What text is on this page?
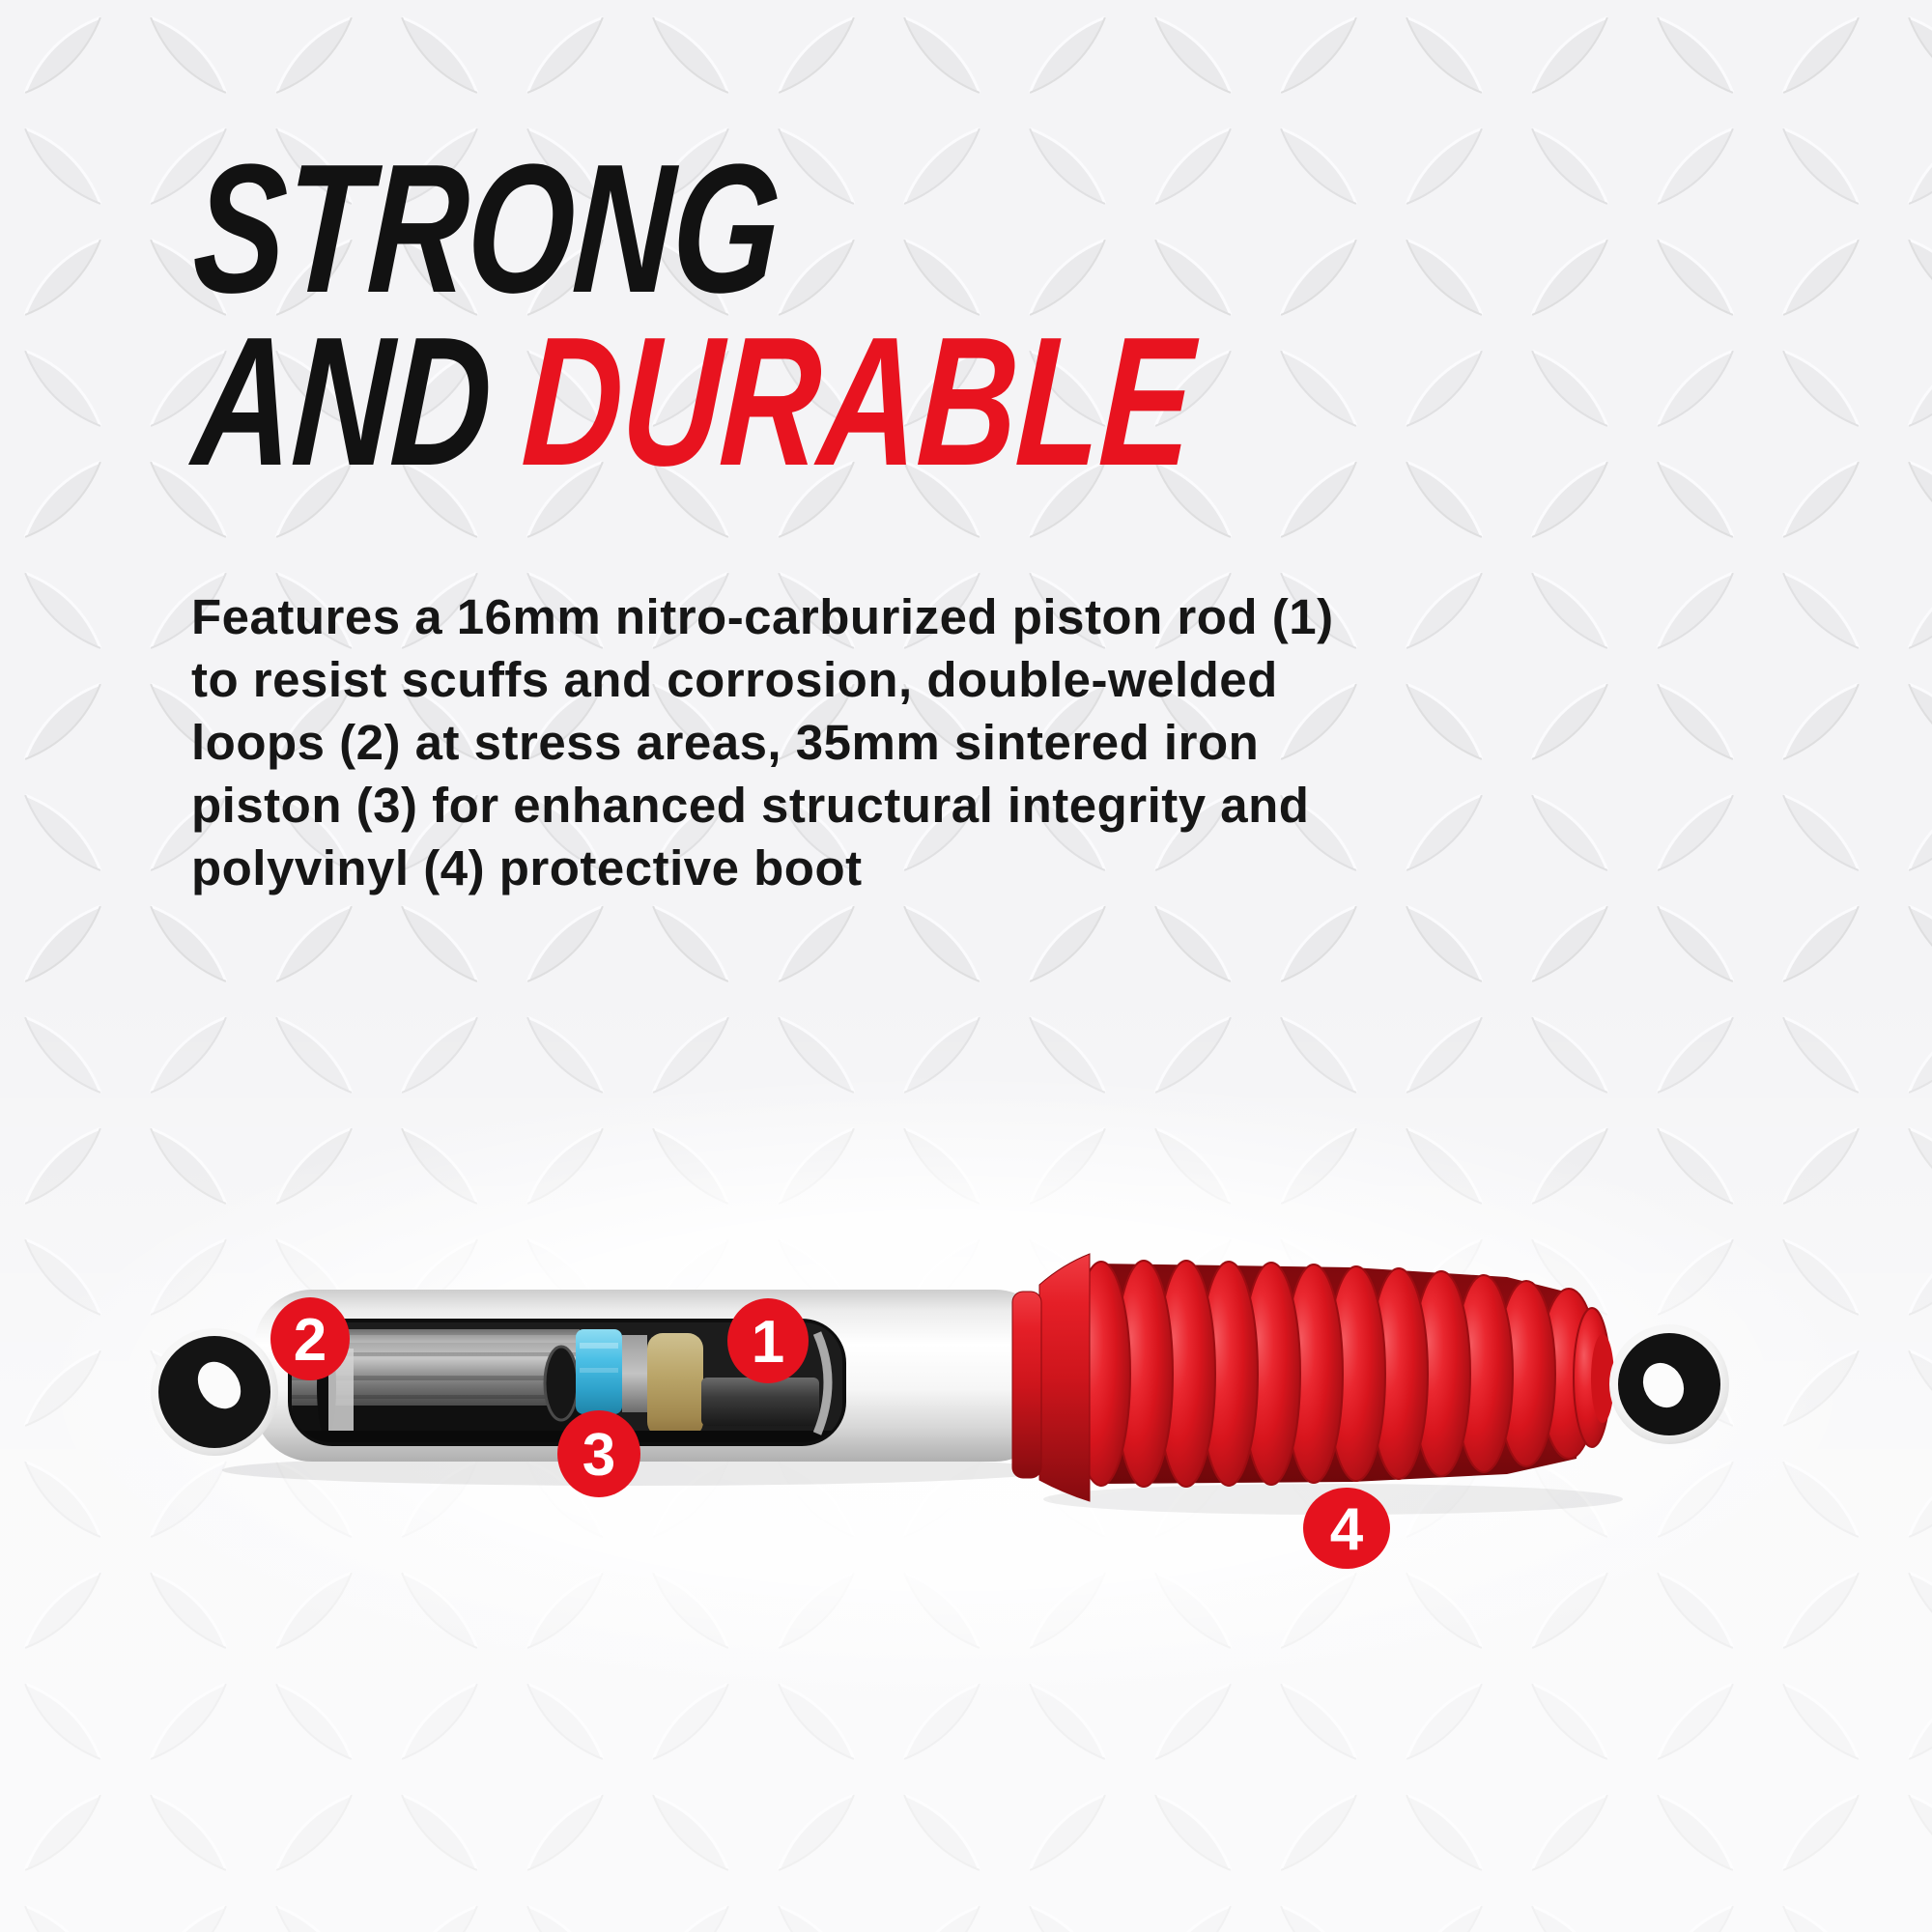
STRONG
AND DURABLE
Features a 16mm nitro-carburized piston rod (1)
to resist scuffs and corrosion, double-welded
loops (2) at stress areas, 35mm sintered iron
piston (3) for enhanced structural integrity and
polyvinyl (4) protective boot
1
2
3
4
